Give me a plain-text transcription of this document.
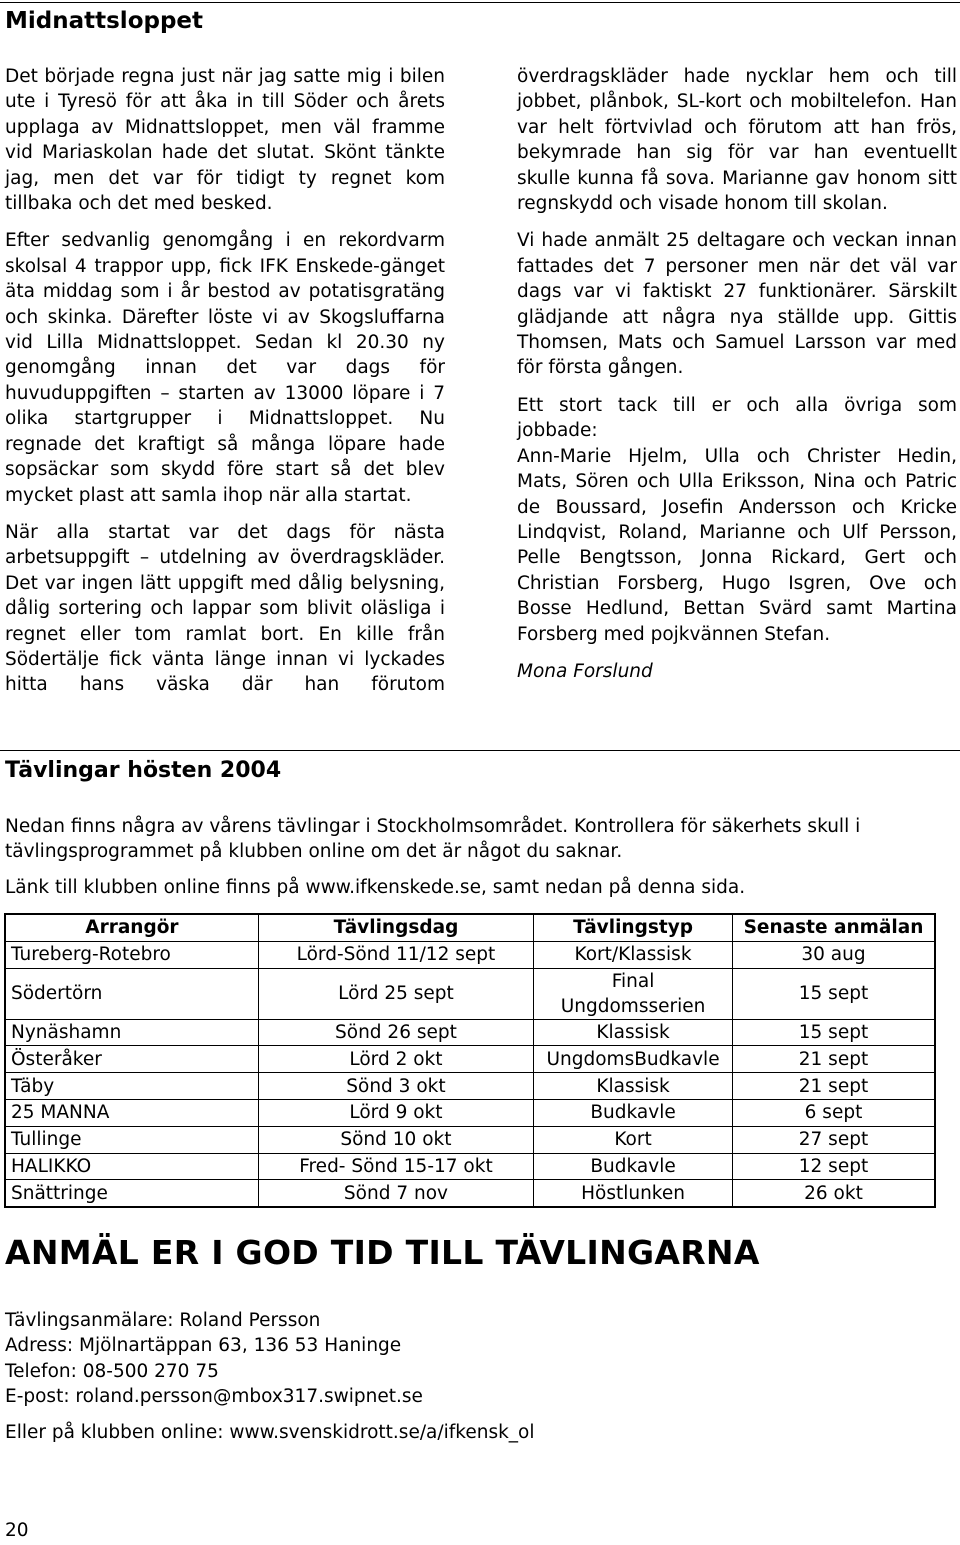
Midnattsloppet

Det började regna just när jag satte mig i bilen ute i Tyresö för att åka in till Söder och årets upplaga av Midnattsloppet, men väl framme vid Mariaskolan hade det slutat. Skönt tänkte jag, men det var för tidigt ty regnet kom tillbaka och det med besked.

Efter sedvanlig genomgång i en rekordvarm skolsal 4 trappor upp, fick IFK Enskede-gänget äta middag som i år bestod av potatisgratäng och skinka. Därefter löste vi av Skogsluffarna vid Lilla Midnattsloppet. Sedan kl 20.30 ny genomgång innan det var dags för huvuduppgiften – starten av 13000 löpare i 7 olika startgrupper i Midnattsloppet. Nu regnade det kraftigt så många löpare hade sopsäckar som skydd före start så det blev mycket plast att samla ihop när alla startat.

När alla startat var det dags för nästa arbetsuppgift – utdelning av överdragskläder. Det var ingen lätt uppgift med dålig belysning, dålig sortering och lappar som blivit oläsliga i regnet eller tom ramlat bort. En kille från Södertälje fick vänta länge innan vi lyckades hitta hans väska där han förutom

överdragskläder hade nycklar hem och till jobbet, plånbok, SL-kort och mobiltelefon. Han var helt förtvivlad och förutom att han frös, bekymrade han sig för var han eventuellt skulle kunna få sova. Marianne gav honom sitt regnskydd och visade honom till skolan.

Vi hade anmält 25 deltagare och veckan innan fattades det 7 personer men när det väl var dags var vi faktiskt 27 funktionärer. Särskilt glädjande att några nya ställde upp. Gittis Thomsen, Mats och Samuel Larsson var med för första gången.

Ett stort tack till er och alla övriga som jobbade:
Ann-Marie Hjelm, Ulla och Christer Hedin, Mats, Sören och Ulla Eriksson, Nina och Patric de Boussard, Josefin Andersson och Kricke Lindqvist, Roland, Marianne och Ulf Persson, Pelle Bengtsson, Jonna Rickard, Gert och Christian Forsberg, Hugo Isgren, Ove och Bosse Hedlund, Bettan Svärd samt Martina Forsberg med pojkvännen Stefan.

Mona Forslund

Tävlingar hösten 2004

Nedan finns några av vårens tävlingar i Stockholmsområdet. Kontrollera för säkerhets skull i tävlingsprogrammet på klubben online om det är något du saknar.

Länk till klubben online finns på www.ifkenskede.se, samt nedan på denna sida.

Arrangör	Tävlingsdag	Tävlingstyp	Senaste anmälan
Tureberg-Rotebro	Lörd-Sönd 11/12 sept	Kort/Klassisk	30 aug
Södertörn	Lörd 25 sept	Final Ungdomsserien	15 sept
Nynäshamn	Sönd 26 sept	Klassisk	15 sept
Österåker	Lörd 2 okt	UngdomsBudkavle	21 sept
Täby	Sönd 3 okt	Klassisk	21 sept
25 MANNA	Lörd 9 okt	Budkavle	6 sept
Tullinge	Sönd 10 okt	Kort	27 sept
HALIKKO	Fred- Sönd 15-17 okt	Budkavle	12 sept
Snättringe	Sönd 7 nov	Höstlunken	26 okt
ANMÄL ER I GOD TID TILL TÄVLINGARNA

Tävlingsanmälare: Roland Persson

Adress: Mjölnartäppan 63, 136 53 Haninge

Telefon: 08-500 270 75

E-post: roland.persson@mbox317.swipnet.se

Eller på klubben online: www.svenskidrott.se/a/ifkensk_ol
20
